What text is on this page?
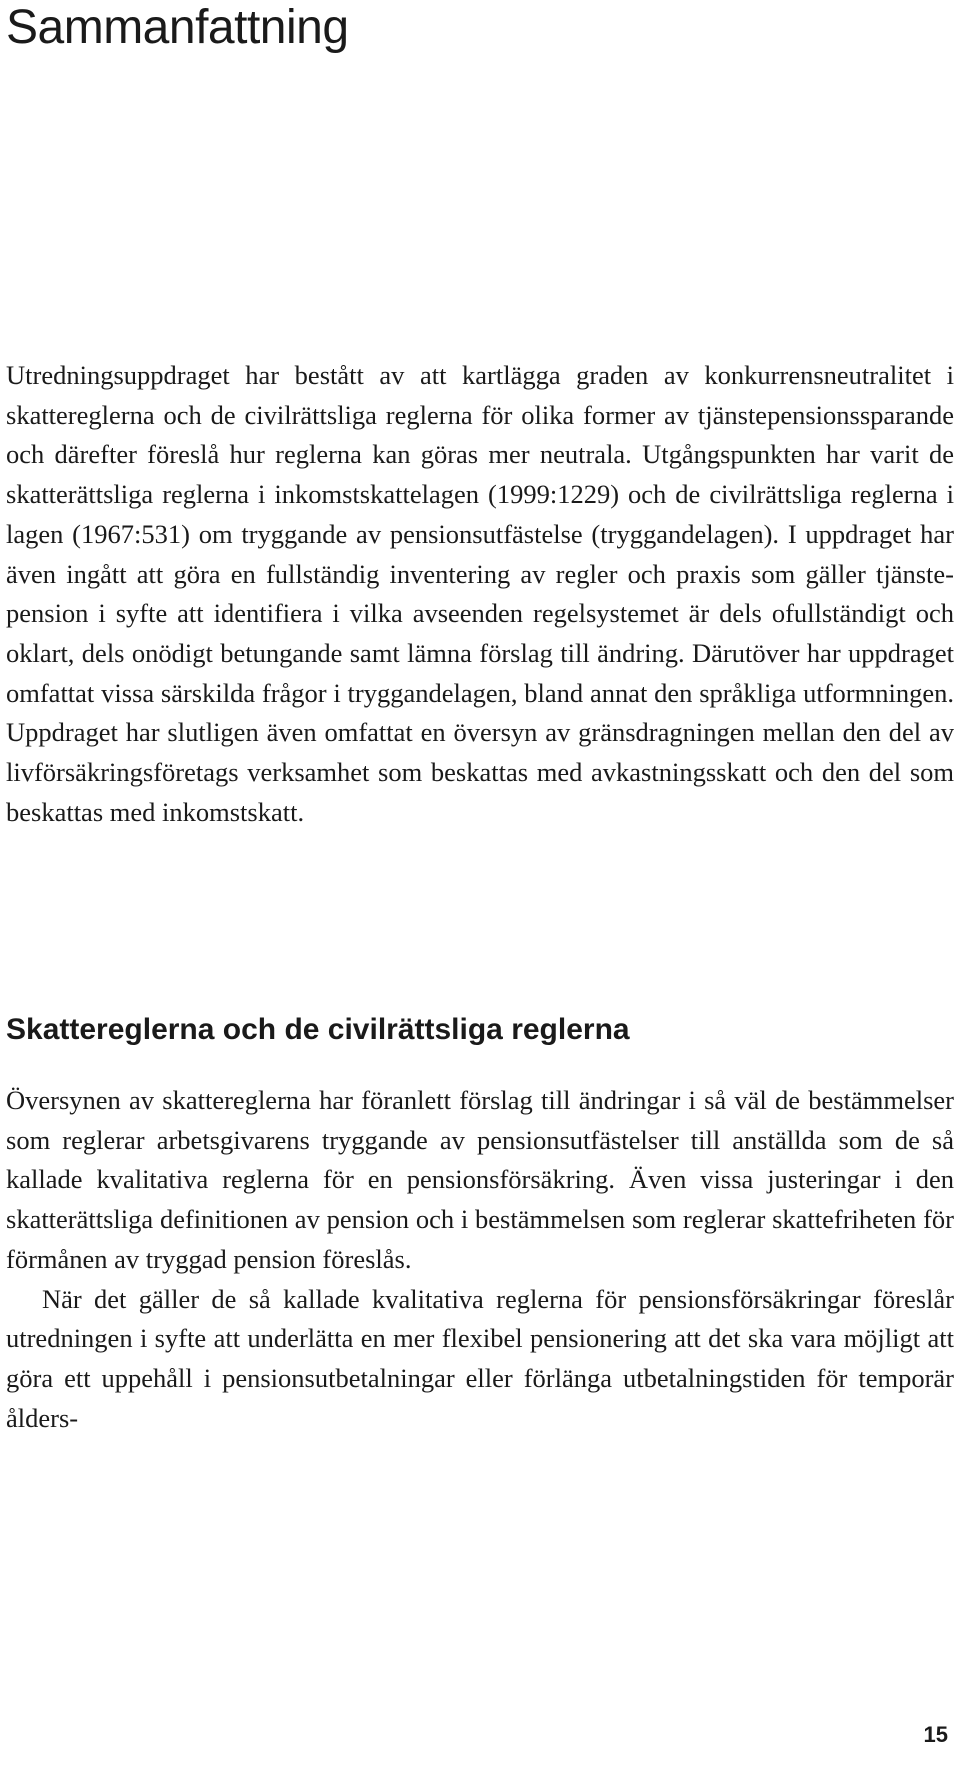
Sammanfattning

Utredningsuppdraget har bestått av att kartlägga graden av konkurrensneutralitet i skattereglerna och de civilrättsliga reglerna för olika former av tjänstepensionssparande och därefter föreslå hur reglerna kan göras mer neutrala. Utgångspunkten har varit de skatterättsliga reglerna i inkomstskattelagen (1999:1229) och de civilrättsliga reglerna i lagen (1967:531) om tryggande av pensionsutfästelse (tryggandelagen). I uppdraget har även ingått att göra en fullständig inventering av regler och praxis som gäller tjänstepension i syfte att identifiera i vilka avseenden regelsystemet är dels ofullständigt och oklart, dels onödigt betungande samt lämna förslag till ändring. Därutöver har uppdraget omfattat vissa särskilda frågor i tryggandelagen, bland annat den språkliga utformningen. Uppdraget har slutligen även omfattat en översyn av gränsdragningen mellan den del av livförsäkringsföretags verksamhet som beskattas med avkastningsskatt och den del som beskattas med inkomstskatt.

Skattereglerna och de civilrättsliga reglerna

Översynen av skattereglerna har föranlett förslag till ändringar i så väl de bestämmelser som reglerar arbetsgivarens tryggande av pensionsutfästelser till anställda som de så kallade kvalitativa reglerna för en pensionsförsäkring. Även vissa justeringar i den skatterättsliga definitionen av pension och i bestämmelsen som reglerar skattefriheten för förmånen av tryggad pension föreslås.

När det gäller de så kallade kvalitativa reglerna för pensionsförsäkringar föreslår utredningen i syfte att underlätta en mer flexibel pensionering att det ska vara möjligt att göra ett uppehåll i pensionsutbetalningar eller förlänga utbetalningstiden för temporär ålders-

15
